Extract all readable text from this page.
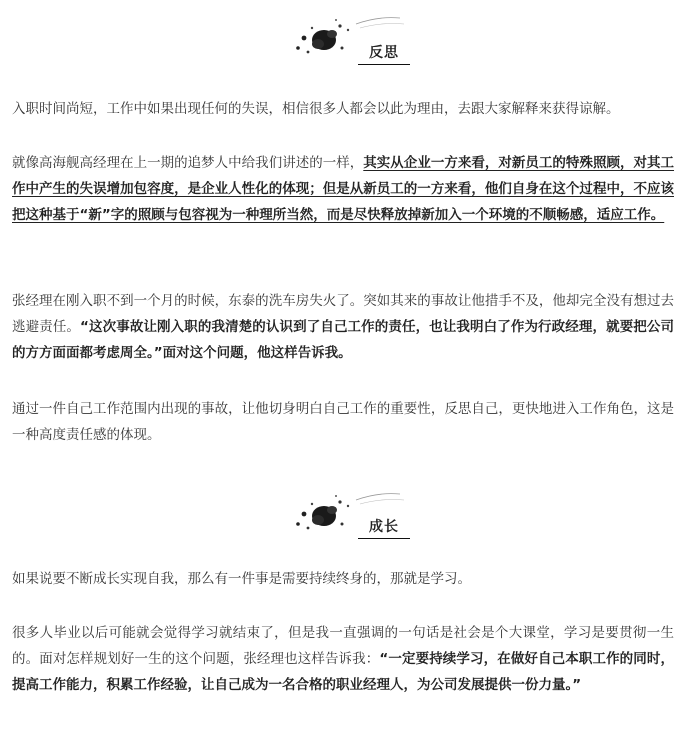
反思

入职时间尚短，工作中如果出现任何的失误，相信很多人都会以此为理由，去跟大家解释来获得谅解。

就像高海舰高经理在上一期的追梦人中给我们讲述的一样，其实从企业一方来看，对新员工的特殊照顾，对其工作中产生的失误增加包容度，是企业人性化的体现；但是从新员工的一方来看，他们自身在这个过程中，不应该把这种基于“新”字的照顾与包容视为一种理所当然，而是尽快释放掉新加入一个环境的不顺畅感，适应工作。

张经理在刚入职不到一个月的时候，东泰的洗车房失火了。突如其来的事故让他措手不及，他却完全没有想过去逃避责任。“这次事故让刚入职的我清楚的认识到了自己工作的责任，也让我明白了作为行政经理，就要把公司的方方面面都考虑周全。”面对这个问题，他这样告诉我。

通过一件自己工作范围内出现的事故，让他切身明白自己工作的重要性，反思自己，更快地进入工作角色，这是一种高度责任感的体现。

成长

如果说要不断成长实现自我，那么有一件事是需要持续终身的，那就是学习。

很多人毕业以后可能就会觉得学习就结束了，但是我一直强调的一句话是社会是个大课堂，学习是要贯彻一生的。面对怎样规划好一生的这个问题，张经理也这样告诉我：“一定要持续学习，在做好自己本职工作的同时，提高工作能力，积累工作经验，让自己成为一名合格的职业经理人，为公司发展提供一份力量。”
